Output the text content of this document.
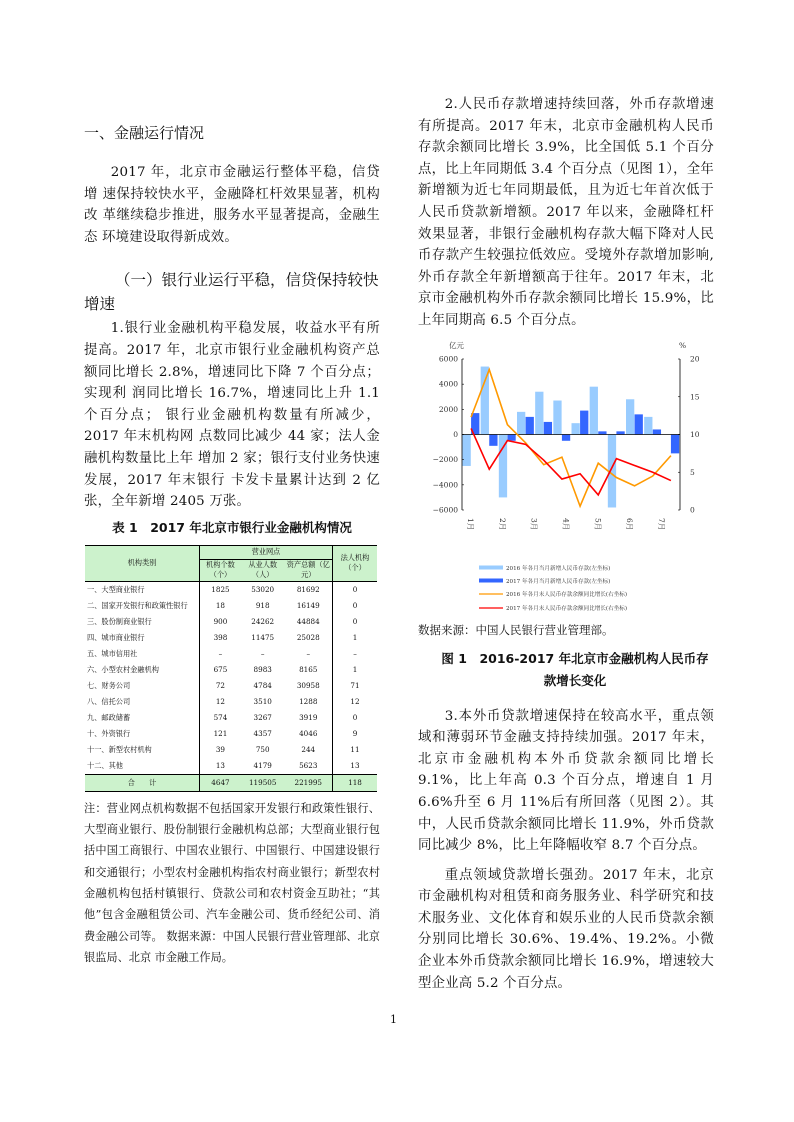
一、金融运行情况

2017 年，北京市金融运行整体平稳，信贷增 速保持较快水平，金融降杠杆效果显著，机构改 革继续稳步推进，服务水平显著提高，金融生态 环境建设取得新成效。

（一）银行业运行平稳，信贷保持较快增速

1.银行业金融机构平稳发展，收益水平有所提高。2017 年，北京市银行业金融机构资产总额同比增长 2.8%，增速同比下降 7 个百分点；实现利 润同比增长 16.7%，增速同比上升 1.1 个百分点； 银行业金融机构数量有所减少，2017 年末机构网 点数同比减少 44 家；法人金融机构数量比上年 增加 2 家；银行支付业务快速发展，2017 年末银行 卡发卡量累计达到 2 亿张，全年新增 2405 万张。

表 1　2017 年北京市银行业金融机构情况
机构类别	营业网点			法人机构（个）
	机构个数（个）	从业人数（人）	资产总额（亿元）	
一、大型商业银行	1825	53020	81692	0
二、国家开发银行和政策性银行	18	918	16149	0
三、股份制商业银行	900	24262	44884	0
四、城市商业银行	398	11475	25028	1
五、城市信用社	–	–	–	–
六、小型农村金融机构	675	8983	8165	1
七、财务公司	72	4784	30958	71
八、信托公司	12	3510	1288	12
九、邮政储蓄	574	3267	3919	0
十、外资银行	121	4357	4046	9
十一、新型农村机构	39	750	244	11
十二、其他	13	4179	5623	13
合　　计	4647	119505	221995	118

注：营业网点机构数据不包括国家开发银行和政策性银行、大型商业银行、股份制银行金融机构总部；大型商业银行包括中国工商银行、中国农业银行、中国银行、中国建设银行和交通银行；小型农村金融机构指农村商业银行；新型农村金融机构包括村镇银行、贷款公司和农村资金互助社；“其他”包含金融租赁公司、汽车金融公司、货币经纪公司、消费金融公司等。 数据来源：中国人民银行营业管理部、北京银监局、北京 市金融工作局。

2.人民币存款增速持续回落，外币存款增速有所提高。2017 年末，北京市金融机构人民币存款余额同比增长 3.9%，比全国低 5.1 个百分点，比上年同期低 3.4 个百分点（见图 1），全年新增额为近七年同期最低，且为近七年首次低于人民币贷款新增额。2017 年以来，金融降杠杆效果显著，非银行金融机构存款大幅下降对人民币存款产生较强拉低效应。受境外存款增加影响,外币存款全年新增额高于往年。2017 年末，北京市金融机构外币存款余额同比增长 15.9%，比上年同期高 6.5 个百分点。

6000
4000
2000
0
−2000
−4000
−6000
20
15
10
5
0
亿元	%
1月	2月	3月	4月	5月	6月	7月
2016 年各月当月新增人民币存款(左坐标)
2017 年各月当月新增人民币存款(左坐标)
2016 年各月末人民币存款余额同比增长(右坐标)
2017 年各月末人民币存款余额同比增长(右坐标)
数据来源：中国人民银行营业管理部。
图 1　2016-2017 年北京市金融机构人民币存款增长变化

3.本外币贷款增速保持在较高水平，重点领域和薄弱环节金融支持持续加强。2017 年末，北京市金融机构本外币贷款余额同比增长 9.1%，比上年高 0.3 个百分点，增速自 1 月 6.6%升至 6 月 11%后有所回落（见图 2）。其中，人民币贷款余额同比增长 11.9%，外币贷款同比减少 8%，比上年降幅收窄 8.7 个百分点。

重点领域贷款增长强劲。2017 年末，北京市金融机构对租赁和商务服务业、科学研究和技术服务业、文化体育和娱乐业的人民币贷款余额分别同比增长 30.6%、19.4%、19.2%。小微企业本外币贷款余额同比增长 16.9%，增速较大型企业高 5.2 个百分点。

1
